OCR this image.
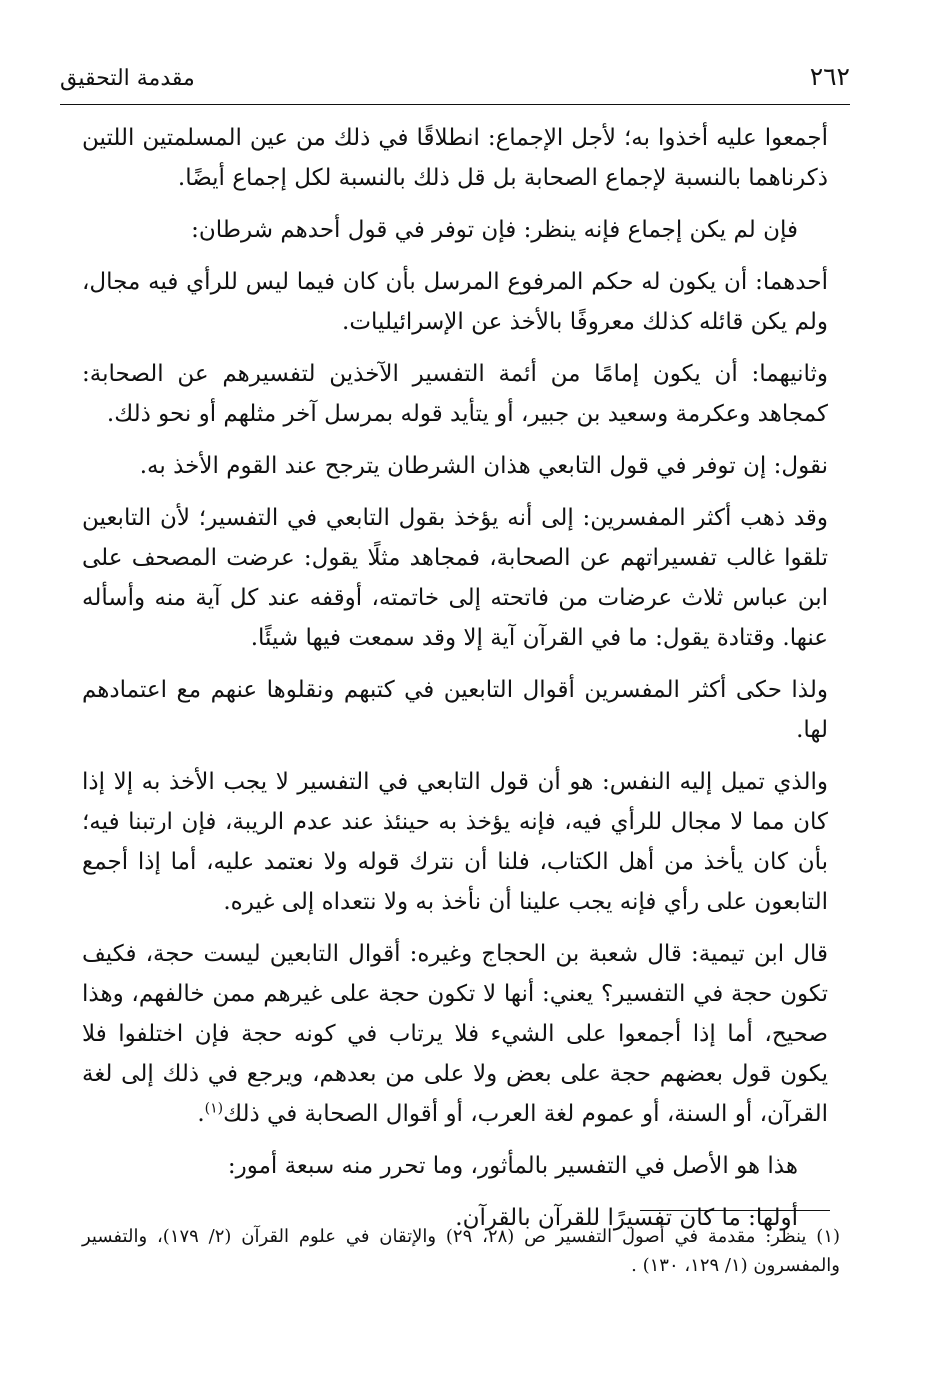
٢٦٢
مقدمة التحقيق

أجمعوا عليه أخذوا به؛ لأجل الإجماع: انطلاقًا في ذلك من عين المسلمتين اللتين ذكرناهما بالنسبة لإجماع الصحابة بل قل ذلك بالنسبة لكل إجماع أيضًا.

فإن لم يكن إجماع فإنه ينظر: فإن توفر في قول أحدهم شرطان:

أحدهما: أن يكون له حكم المرفوع المرسل بأن كان فيما ليس للرأي فيه مجال، ولم يكن قائله كذلك معروفًا بالأخذ عن الإسرائيليات.

وثانيهما: أن يكون إمامًا من أئمة التفسير الآخذين لتفسيرهم عن الصحابة: كمجاهد وعكرمة وسعيد بن جبير، أو يتأيد قوله بمرسل آخر مثلهم أو نحو ذلك.

نقول: إن توفر في قول التابعي هذان الشرطان يترجح عند القوم الأخذ به.

وقد ذهب أكثر المفسرين: إلى أنه يؤخذ بقول التابعي في التفسير؛ لأن التابعين تلقوا غالب تفسيراتهم عن الصحابة، فمجاهد مثلًا يقول: عرضت المصحف على ابن عباس ثلاث عرضات من فاتحته إلى خاتمته، أوقفه عند كل آية منه وأسأله عنها. وقتادة يقول: ما في القرآن آية إلا وقد سمعت فيها شيئًا.

ولذا حكى أكثر المفسرين أقوال التابعين في كتبهم ونقلوها عنهم مع اعتمادهم لها.

والذي تميل إليه النفس: هو أن قول التابعي في التفسير لا يجب الأخذ به إلا إذا كان مما لا مجال للرأي فيه، فإنه يؤخذ به حينئذ عند عدم الريبة، فإن ارتبنا فيه؛ بأن كان يأخذ من أهل الكتاب، فلنا أن نترك قوله ولا نعتمد عليه، أما إذا أجمع التابعون على رأي فإنه يجب علينا أن نأخذ به ولا نتعداه إلى غيره.

قال ابن تيمية: قال شعبة بن الحجاج وغيره: أقوال التابعين ليست حجة، فكيف تكون حجة في التفسير؟ يعني: أنها لا تكون حجة على غيرهم ممن خالفهم، وهذا صحيح، أما إذا أجمعوا على الشيء فلا يرتاب في كونه حجة فإن اختلفوا فلا يكون قول بعضهم حجة على بعض ولا على من بعدهم، ويرجع في ذلك إلى لغة القرآن، أو السنة، أو عموم لغة العرب، أو أقوال الصحابة في ذلك$^{(١)}$.

هذا هو الأصل في التفسير بالمأثور، وما تحرر منه سبعة أمور:

أولها: ما كان تفسيرًا للقرآن بالقرآن.

(١) ينظر: مقدمة في أصول التفسير ص (٢٨، ٢٩) والإتقان في علوم القرآن (٢/ ١٧٩)، والتفسير والمفسرون (١/ ١٢٩، ١٣٠) .
